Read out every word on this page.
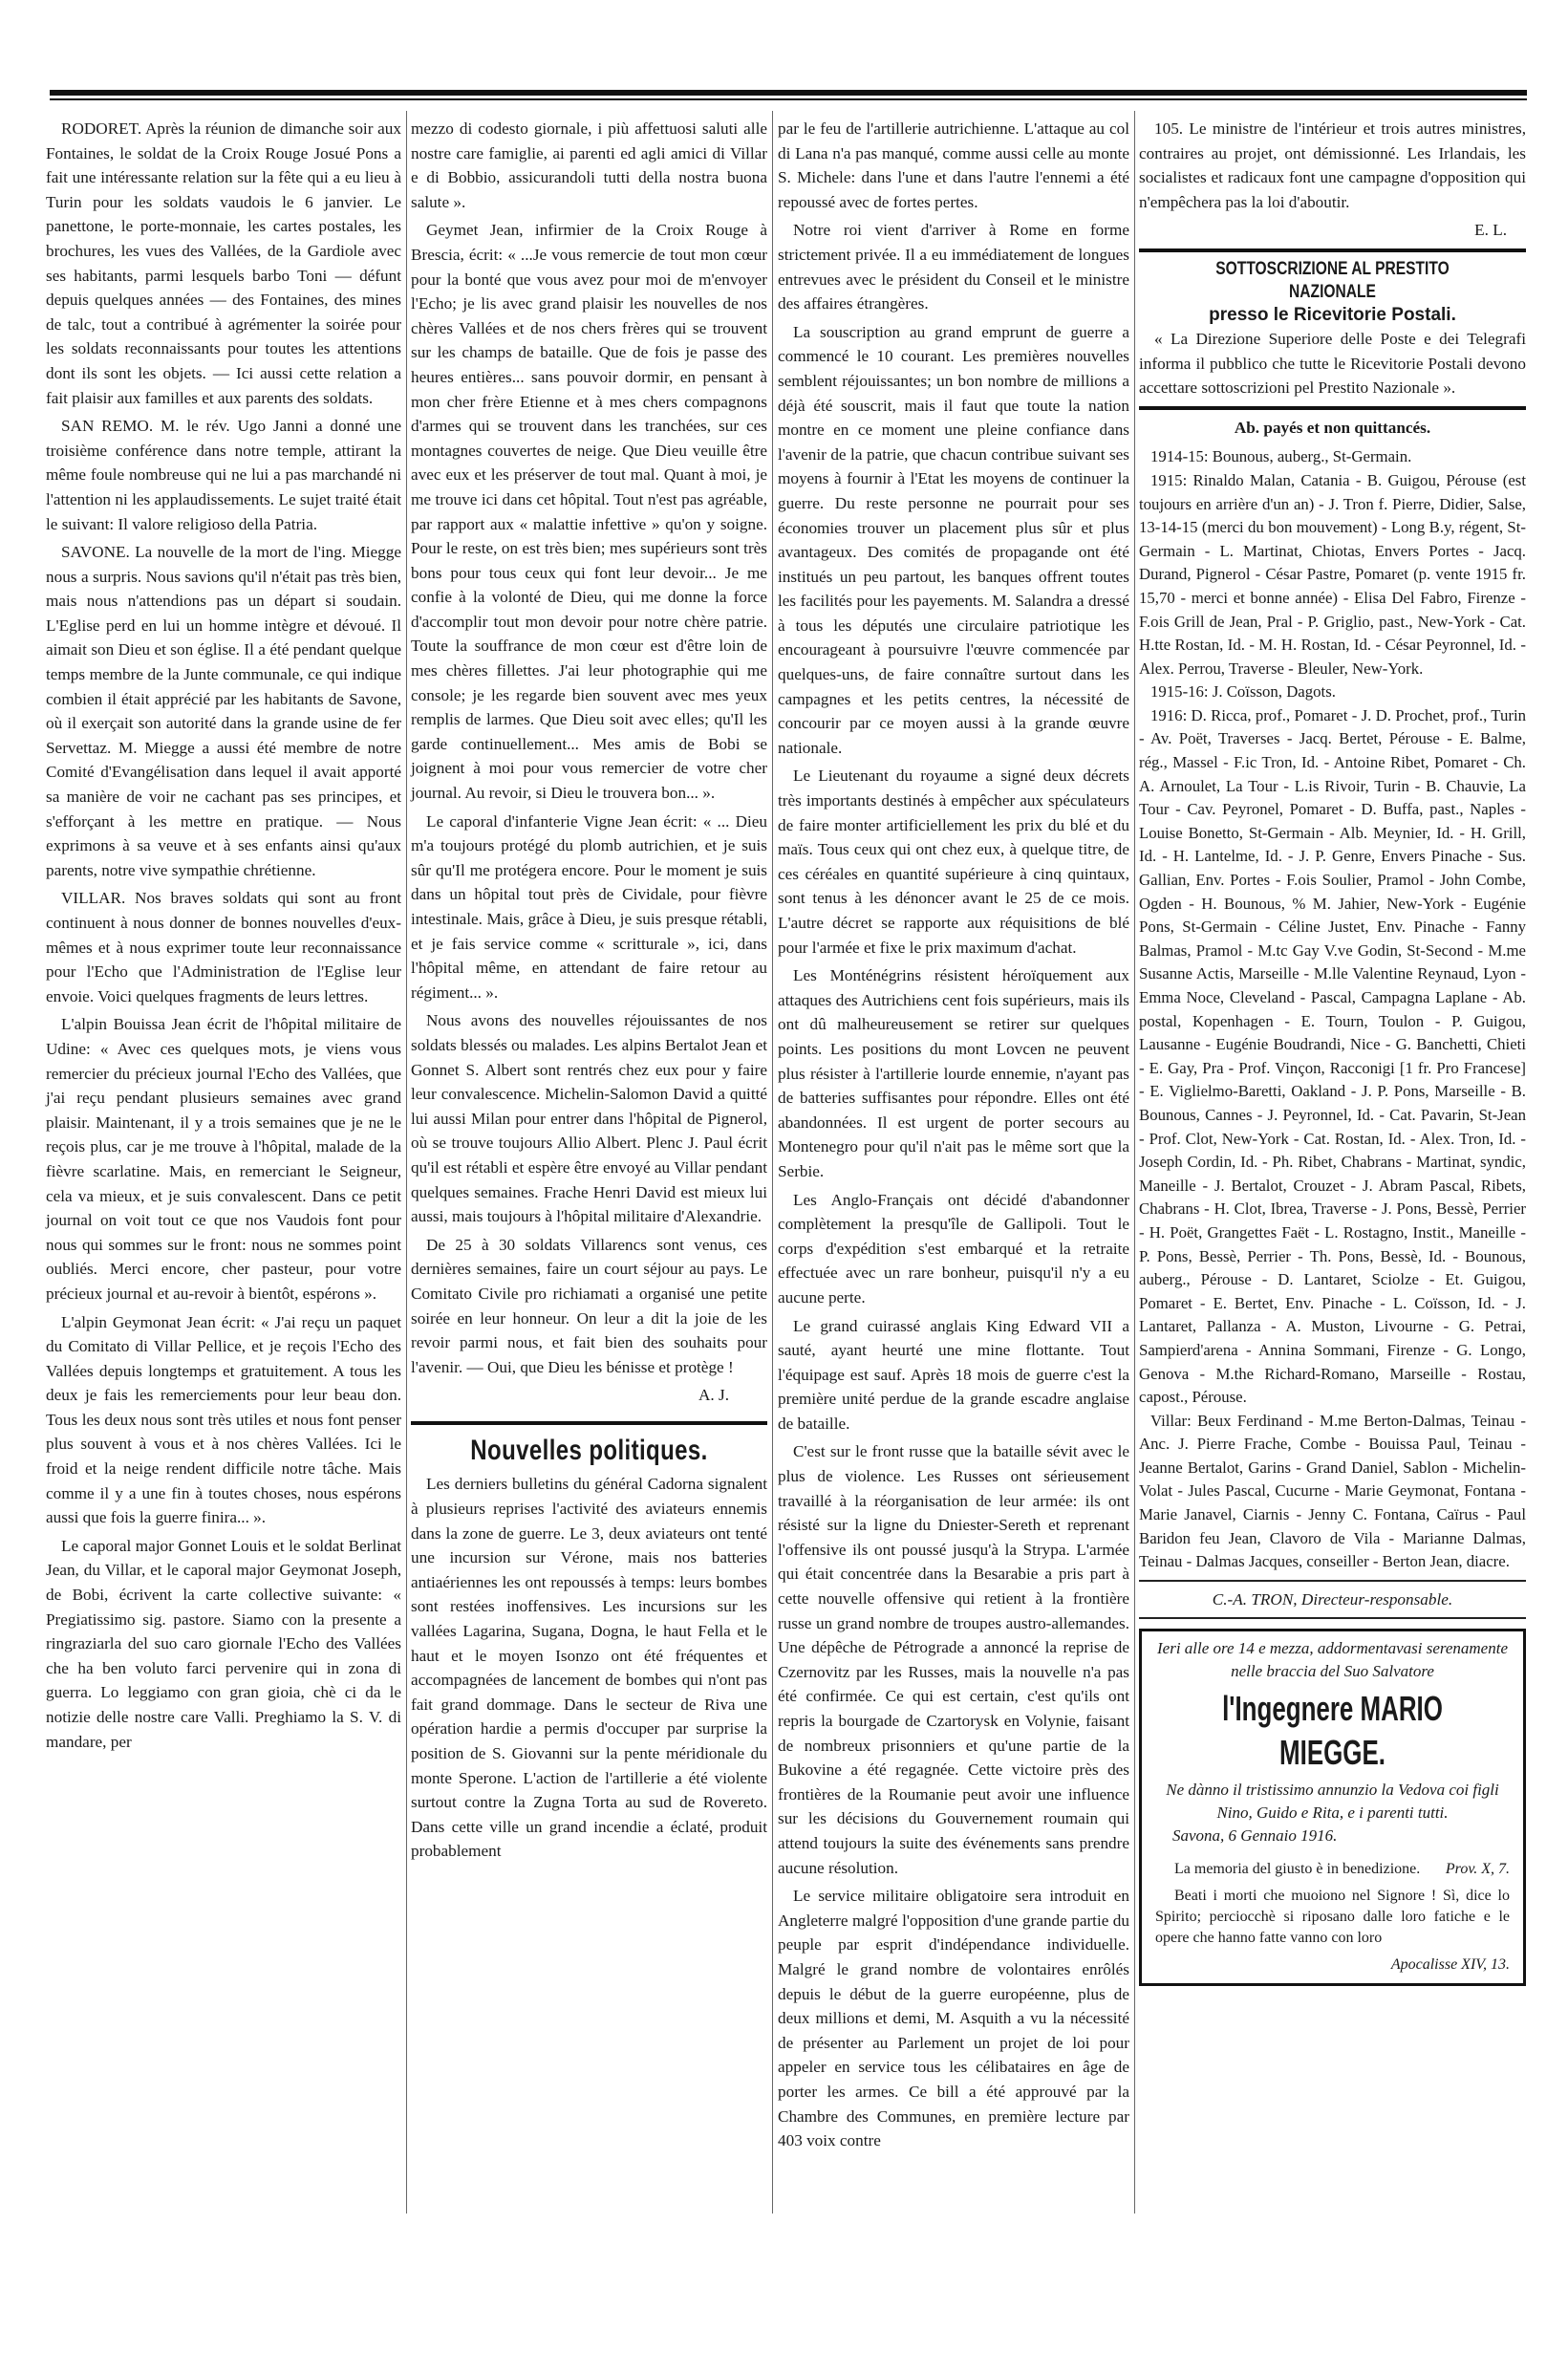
RODORET. Après la réunion de dimanche soir aux Fontaines, le soldat de la Croix Rouge Josué Pons a fait une intéressante relation sur la fête qui a eu lieu à Turin pour les soldats vaudois le 6 janvier. Le panettone, le porte-monnaie, les cartes postales, les brochures, les vues des Vallées, de la Gardiole avec ses habitants, parmi lesquels barbo Toni — défunt depuis quelques années — des Fontaines, des mines de talc, tout a contribué à agrémenter la soirée pour les soldats reconnaissants pour toutes les attentions dont ils sont les objets. — Ici aussi cette relation a fait plaisir aux familles et aux parents des soldats.

SAN REMO. M. le rév. Ugo Janni a donné une troisième conférence dans notre temple, attirant la même foule nombreuse qui ne lui a pas marchandé ni l'attention ni les applaudissements. Le sujet traité était le suivant: Il valore religioso della Patria.

SAVONE. La nouvelle de la mort de l'ing. Miegge nous a surpris. Nous savions qu'il n'était pas très bien, mais nous n'attendions pas un départ si soudain. L'Eglise perd en lui un homme intègre et dévoué. Il aimait son Dieu et son église. Il a été pendant quelque temps membre de la Junte communale, ce qui indique combien il était apprécié par les habitants de Savone, où il exerçait son autorité dans la grande usine de fer Servettaz. M. Miegge a aussi été membre de notre Comité d'Evangélisation dans lequel il avait apporté sa manière de voir ne cachant pas ses principes, et s'efforçant à les mettre en pratique. — Nous exprimons à sa veuve et à ses enfants ainsi qu'aux parents, notre vive sympathie chrétienne.

VILLAR. Nos braves soldats qui sont au front continuent à nous donner de bonnes nouvelles d'eux-mêmes et à nous exprimer toute leur reconnaissance pour l'Echo que l'Administration de l'Eglise leur envoie. Voici quelques fragments de leurs lettres.

L'alpin Bouissa Jean écrit de l'hôpital militaire de Udine: « Avec ces quelques mots, je viens vous remercier du précieux journal l'Echo des Vallées, que j'ai reçu pendant plusieurs semaines avec grand plaisir. Maintenant, il y a trois semaines que je ne le reçois plus, car je me trouve à l'hôpital, malade de la fièvre scarlatine. Mais, en remerciant le Seigneur, cela va mieux, et je suis convalescent. Dans ce petit journal on voit tout ce que nos Vaudois font pour nous qui sommes sur le front: nous ne sommes point oubliés. Merci encore, cher pasteur, pour votre précieux journal et au-revoir à bientôt, espérons ».

L'alpin Geymonat Jean écrit: « J'ai reçu un paquet du Comitato di Villar Pellice, et je reçois l'Echo des Vallées depuis longtemps et gratuitement. A tous les deux je fais les remerciements pour leur beau don. Tous les deux nous sont très utiles et nous font penser plus souvent à vous et à nos chères Vallées. Ici le froid et la neige rendent difficile notre tâche. Mais comme il y a une fin à toutes choses, nous espérons aussi que fois la guerre finira... ».

Le caporal major Gonnet Louis et le soldat Berlinat Jean, du Villar, et le caporal major Geymonat Joseph, de Bobi, écrivent la carte collective suivante: « Pregiatissimo sig. pastore. Siamo con la presente a ringraziarla del suo caro giornale l'Echo des Vallées che ha ben voluto farci pervenire qui in zona di guerra. Lo leggiamo con gran gioia, chè ci da le notizie delle nostre care Valli. Preghiamo la S. V. di mandare, per

mezzo di codesto giornale, i più affettuosi saluti alle nostre care famiglie, ai parenti ed agli amici di Villar e di Bobbio, assicurandoli tutti della nostra buona salute ».

Geymet Jean, infirmier de la Croix Rouge à Brescia, écrit: « ...Je vous remercie de tout mon cœur pour la bonté que vous avez pour moi de m'envoyer l'Echo; je lis avec grand plaisir les nouvelles de nos chères Vallées et de nos chers frères qui se trouvent sur les champs de bataille. Que de fois je passe des heures entières... sans pouvoir dormir, en pensant à mon cher frère Etienne et à mes chers compagnons d'armes qui se trouvent dans les tranchées, sur ces montagnes couvertes de neige. Que Dieu veuille être avec eux et les préserver de tout mal. Quant à moi, je me trouve ici dans cet hôpital. Tout n'est pas agréable, par rapport aux « malattie infettive » qu'on y soigne. Pour le reste, on est très bien; mes supérieurs sont très bons pour tous ceux qui font leur devoir... Je me confie à la volonté de Dieu, qui me donne la force d'accomplir tout mon devoir pour notre chère patrie. Toute la souffrance de mon cœur est d'être loin de mes chères fillettes. J'ai leur photographie qui me console; je les regarde bien souvent avec mes yeux remplis de larmes. Que Dieu soit avec elles; qu'Il les garde continuellement... Mes amis de Bobi se joignent à moi pour vous remercier de votre cher journal. Au revoir, si Dieu le trouvera bon... ».

Le caporal d'infanterie Vigne Jean écrit: « ... Dieu m'a toujours protégé du plomb autrichien, et je suis sûr qu'Il me protégera encore. Pour le moment je suis dans un hôpital tout près de Cividale, pour fièvre intestinale. Mais, grâce à Dieu, je suis presque rétabli, et je fais service comme « scritturale », ici, dans l'hôpital même, en attendant de faire retour au régiment... ».

Nous avons des nouvelles réjouissantes de nos soldats blessés ou malades. Les alpins Bertalot Jean et Gonnet S. Albert sont rentrés chez eux pour y faire leur convalescence. Michelin-Salomon David a quitté lui aussi Milan pour entrer dans l'hôpital de Pignerol, où se trouve toujours Allio Albert. Plenc J. Paul écrit qu'il est rétabli et espère être envoyé au Villar pendant quelques semaines. Frache Henri David est mieux lui aussi, mais toujours à l'hôpital militaire d'Alexandrie.

De 25 à 30 soldats Villarencs sont venus, ces dernières semaines, faire un court séjour au pays. Le Comitato Civile pro richiamati a organisé une petite soirée en leur honneur. On leur a dit la joie de les revoir parmi nous, et fait bien des souhaits pour l'avenir. — Oui, que Dieu les bénisse et protège !

A. J.
Nouvelles politiques.

Les derniers bulletins du général Cadorna signalent à plusieurs reprises l'activité des aviateurs ennemis dans la zone de guerre. Le 3, deux aviateurs ont tenté une incursion sur Vérone, mais nos batteries antiaériennes les ont repoussés à temps: leurs bombes sont restées inoffensives. Les incursions sur les vallées Lagarina, Sugana, Dogna, le haut Fella et le haut et le moyen Isonzo ont été fréquentes et accompagnées de lancement de bombes qui n'ont pas fait grand dommage. Dans le secteur de Riva une opération hardie a permis d'occuper par surprise la position de S. Giovanni sur la pente méridionale du monte Sperone. L'action de l'artillerie a été violente surtout contre la Zugna Torta au sud de Rovereto. Dans cette ville un grand incendie a éclaté, produit probablement

par le feu de l'artillerie autrichienne. L'attaque au col di Lana n'a pas manqué, comme aussi celle au monte S. Michele: dans l'une et dans l'autre l'ennemi a été repoussé avec de fortes pertes.

Notre roi vient d'arriver à Rome en forme strictement privée. Il a eu immédiatement de longues entrevues avec le président du Conseil et le ministre des affaires étrangères.

La souscription au grand emprunt de guerre a commencé le 10 courant. Les premières nouvelles semblent réjouissantes; un bon nombre de millions a déjà été souscrit, mais il faut que toute la nation montre en ce moment une pleine confiance dans l'avenir de la patrie, que chacun contribue suivant ses moyens à fournir à l'Etat les moyens de continuer la guerre. Du reste personne ne pourrait pour ses économies trouver un placement plus sûr et plus avantageux. Des comités de propagande ont été institués un peu partout, les banques offrent toutes les facilités pour les payements. M. Salandra a dressé à tous les députés une circulaire patriotique les encourageant à poursuivre l'œuvre commencée par quelques-uns, de faire connaître surtout dans les campagnes et les petits centres, la nécessité de concourir par ce moyen aussi à la grande œuvre nationale.

Le Lieutenant du royaume a signé deux décrets très importants destinés à empêcher aux spéculateurs de faire monter artificiellement les prix du blé et du maïs. Tous ceux qui ont chez eux, à quelque titre, de ces céréales en quantité supérieure à cinq quintaux, sont tenus à les dénoncer avant le 25 de ce mois. L'autre décret se rapporte aux réquisitions de blé pour l'armée et fixe le prix maximum d'achat.

Les Monténégrins résistent héroïquement aux attaques des Autrichiens cent fois supérieurs, mais ils ont dû malheureusement se retirer sur quelques points. Les positions du mont Lovcen ne peuvent plus résister à l'artillerie lourde ennemie, n'ayant pas de batteries suffisantes pour répondre. Elles ont été abandonnées. Il est urgent de porter secours au Montenegro pour qu'il n'ait pas le même sort que la Serbie.

Les Anglo-Français ont décidé d'abandonner complètement la presqu'île de Gallipoli. Tout le corps d'expédition s'est embarqué et la retraite effectuée avec un rare bonheur, puisqu'il n'y a eu aucune perte.

Le grand cuirassé anglais King Edward VII a sauté, ayant heurté une mine flottante. Tout l'équipage est sauf. Après 18 mois de guerre c'est la première unité perdue de la grande escadre anglaise de bataille.

C'est sur le front russe que la bataille sévit avec le plus de violence. Les Russes ont sérieusement travaillé à la réorganisation de leur armée: ils ont résisté sur la ligne du Dniester-Sereth et reprenant l'offensive ils ont poussé jusqu'à la Strypa. L'armée qui était concentrée dans la Besarabie a pris part à cette nouvelle offensive qui retient à la frontière russe un grand nombre de troupes austro-allemandes. Une dépêche de Pétrograde a annoncé la reprise de Czernovitz par les Russes, mais la nouvelle n'a pas été confirmée. Ce qui est certain, c'est qu'ils ont repris la bourgade de Czartorysk en Volynie, faisant de nombreux prisonniers et qu'une partie de la Bukovine a été regagnée. Cette victoire près des frontières de la Roumanie peut avoir une influence sur les décisions du Gouvernement roumain qui attend toujours la suite des événements sans prendre aucune résolution.

Le service militaire obligatoire sera introduit en Angleterre malgré l'opposition d'une grande partie du peuple par esprit d'indépendance individuelle. Malgré le grand nombre de volontaires enrôlés depuis le début de la guerre européenne, plus de deux millions et demi, M. Asquith a vu la nécessité de présenter au Parlement un projet de loi pour appeler en service tous les célibataires en âge de porter les armes. Ce bill a été approuvé par la Chambre des Communes, en première lecture par 403 voix contre

105. Le ministre de l'intérieur et trois autres ministres, contraires au projet, ont démissionné. Les Irlandais, les socialistes et radicaux font une campagne d'opposition qui n'empêchera pas la loi d'aboutir.

E. L.
SOTTOSCRIZIONE AL PRESTITO NAZIONALE
presso le Ricevitorie Postali.

« La Direzione Superiore delle Poste e dei Telegrafi informa il pubblico che tutte le Ricevitorie Postali devono accettare sottoscrizioni pel Prestito Nazionale ».

Ab. payés et non quittancés.

1914-15: Bounous, auberg., St-Germain.

1915: Rinaldo Malan, Catania - B. Guigou, Pérouse (est toujours en arrière d'un an) - J. Tron f. Pierre, Didier, Salse, 13-14-15 (merci du bon mouvement) - Long B.y, régent, St-Germain - L. Martinat, Chiotas, Envers Portes - Jacq. Durand, Pignerol - César Pastre, Pomaret (p. vente 1915 fr. 15,70 - merci et bonne année) - Elisa Del Fabro, Firenze - F.ois Grill de Jean, Pral - P. Griglio, past., New-York - Cat. H.tte Rostan, Id. - M. H. Rostan, Id. - César Peyronnel, Id. - Alex. Perrou, Traverse - Bleuler, New-York.

1915-16: J. Coïsson, Dagots.

1916: D. Ricca, prof., Pomaret - J. D. Prochet, prof., Turin - Av. Poët, Traverses - Jacq. Bertet, Pérouse - E. Balme, rég., Massel - F.ic Tron, Id. - Antoine Ribet, Pomaret - Ch. A. Arnoulet, La Tour - L.is Rivoir, Turin - B. Chauvie, La Tour - Cav. Peyronel, Pomaret - D. Buffa, past., Naples - Louise Bonetto, St-Germain - Alb. Meynier, Id. - H. Grill, Id. - H. Lantelme, Id. - J. P. Genre, Envers Pinache - Sus. Gallian, Env. Portes - F.ois Soulier, Pramol - John Combe, Ogden - H. Bounous, % M. Jahier, New-York - Eugénie Pons, St-Germain - Céline Justet, Env. Pinache - Fanny Balmas, Pramol - M.tc Gay V.ve Godin, St-Second - M.me Susanne Actis, Marseille - M.lle Valentine Reynaud, Lyon - Emma Noce, Cleveland - Pascal, Campagna Laplane - Ab. postal, Kopenhagen - E. Tourn, Toulon - P. Guigou, Lausanne - Eugénie Boudrandi, Nice - G. Banchetti, Chieti - E. Gay, Pra - Prof. Vinçon, Racconigi [1 fr. Pro Francese] - E. Viglielmo-Baretti, Oakland - J. P. Pons, Marseille - B. Bounous, Cannes - J. Peyronnel, Id. - Cat. Pavarin, St-Jean - Prof. Clot, New-York - Cat. Rostan, Id. - Alex. Tron, Id. - Joseph Cordin, Id. - Ph. Ribet, Chabrans - Martinat, syndic, Maneille - J. Bertalot, Crouzet - J. Abram Pascal, Ribets, Chabrans - H. Clot, Ibrea, Traverse - J. Pons, Bessè, Perrier - H. Poët, Grangettes Faët - L. Rostagno, Instit., Maneille - P. Pons, Bessè, Perrier - Th. Pons, Bessè, Id. - Bounous, auberg., Pérouse - D. Lantaret, Sciolze - Et. Guigou, Pomaret - E. Bertet, Env. Pinache - L. Coïsson, Id. - J. Lantaret, Pallanza - A. Muston, Livourne - G. Petrai, Sampierd'arena - Annina Sommani, Firenze - G. Longo, Genova - M.the Richard-Romano, Marseille - Rostau, capost., Pérouse.

Villar: Beux Ferdinand - M.me Berton-Dalmas, Teinau - Anc. J. Pierre Frache, Combe - Bouissa Paul, Teinau - Jeanne Bertalot, Garins - Grand Daniel, Sablon - Michelin-Volat - Jules Pascal, Cucurne - Marie Geymonat, Fontana - Marie Janavel, Ciarnis - Jenny C. Fontana, Caïrus - Paul Baridon feu Jean, Clavoro de Vila - Marianne Dalmas, Teinau - Dalmas Jacques, conseiller - Berton Jean, diacre.

C.-A. TRON, Directeur-responsable.
Ieri alle ore 14 e mezza, addormentavasi serenamente nelle braccia del Suo Salvatore
l'Ingegnere MARIO MIEGGE.
Ne dànno il tristissimo annunzio la Vedova coi figli Nino, Guido e Rita, e i parenti tutti.
Savona, 6 Gennaio 1916.

La memoria del giusto è in benedizione.	Prov. X, 7.

Beati i morti che muoiono nel Signore ! Sì, dice lo Spirito; perciocchè si riposano dalle loro fatiche e le opere che hanno fatte vanno con loro

Apocalisse XIV, 13.
